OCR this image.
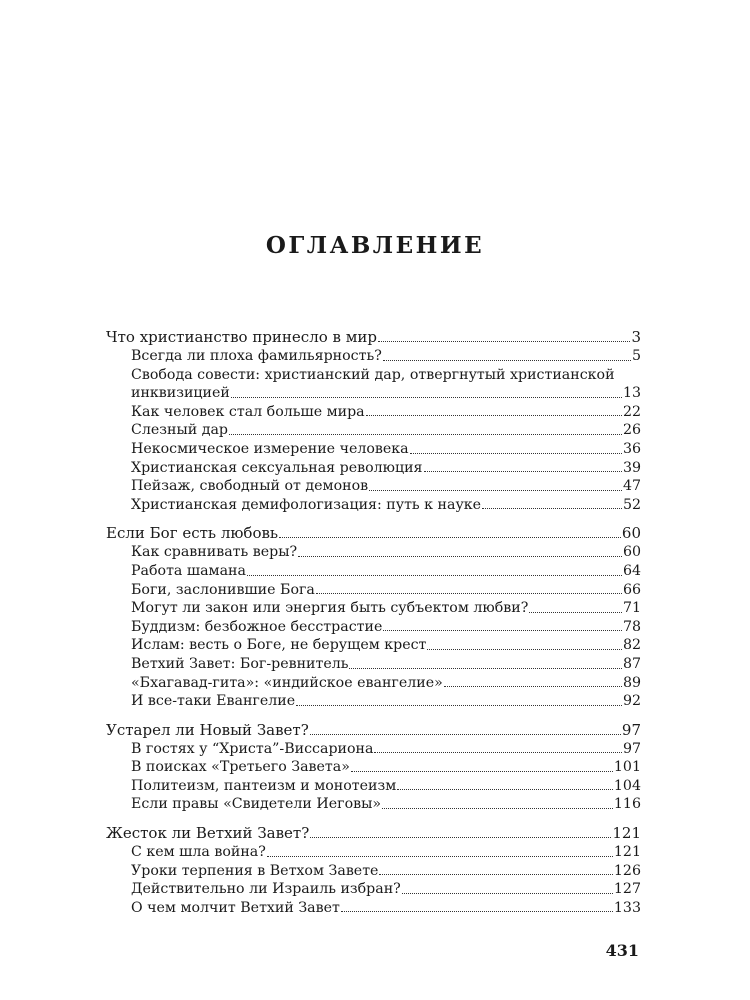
ОГЛАВЛЕНИЕ
Что христианство принесло в мир	3
Всегда ли плоха фамильярность?	5
Свобода совести: христианский дар, отвергнутый христианской
инквизицией	13
Как человек стал больше мира	22
Слезный дар	26
Некосмическое измерение человека	36
Христианская сексуальная революция	39
Пейзаж, свободный от демонов	47
Христианская демифологизация: путь к науке	52
Если Бог есть любовь	60
Как сравнивать веры?	60
Работа шамана	64
Боги, заслонившие Бога	66
Могут ли закон или энергия быть субъектом любви?	71
Буддизм: безбожное бесстрастие	78
Ислам: весть о Боге, не берущем крест	82
Ветхий Завет: Бог-ревнитель	87
«Бхагавад-гита»: «индийское евангелие»	89
И все-таки Евангелие	92
Устарел ли Новый Завет?	97
В гостях у “Христа”-Виссариона	97
В поисках «Третьего Завета»	101
Политеизм, пантеизм и монотеизм	104
Если правы «Свидетели Иеговы»	116
Жесток ли Ветхий Завет?	121
С кем шла война?	121
Уроки терпения в Ветхом Завете	126
Действительно ли Израиль избран?	127
О чем молчит Ветхий Завет	133
431
